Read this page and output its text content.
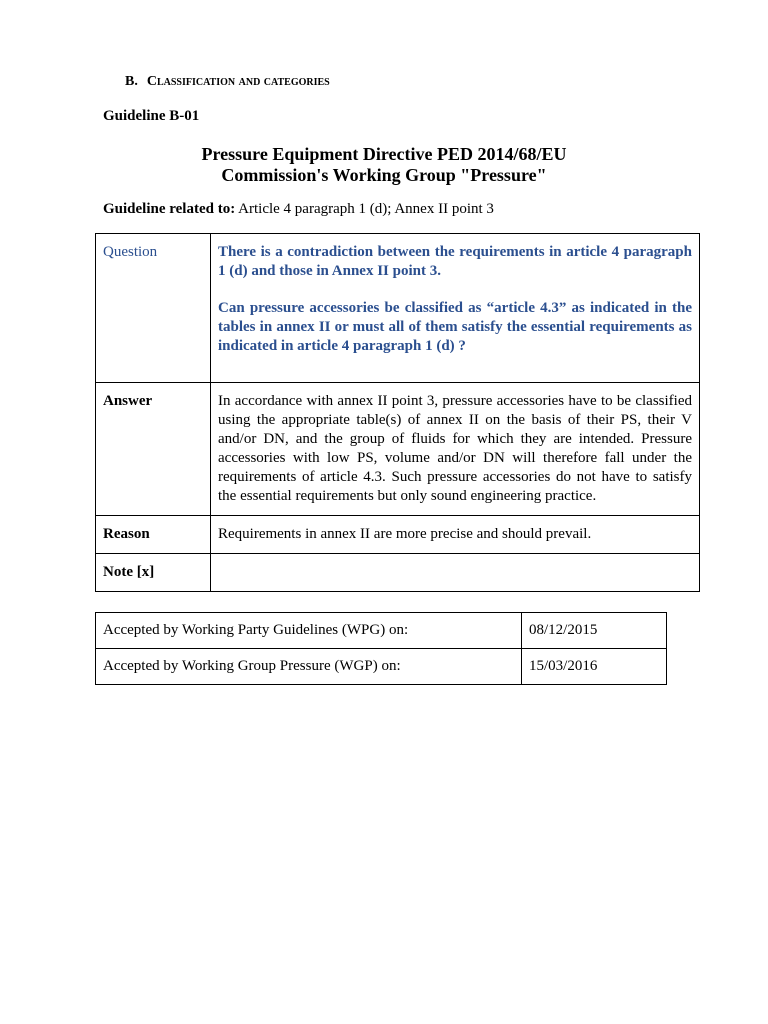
B. Classification and categories
Guideline B-01
Pressure Equipment Directive PED 2014/68/EU
Commission's Working Group "Pressure"
Guideline related to: Article 4 paragraph 1 (d); Annex II point 3
Question	There is a contradiction between the requirements in article 4 paragraph 1 (d) and those in Annex II point 3.

Can pressure accessories be classified as “article 4.3” as indicated in the tables in annex II or must all of them satisfy the essential requirements as indicated in article 4 paragraph 1 (d) ?

Answer	In accordance with annex II point 3, pressure accessories have to be classified using the appropriate table(s) of annex II on the basis of their PS, their V and/or DN, and the group of fluids for which they are intended. Pressure accessories with low PS, volume and/or DN will therefore fall under the requirements of article 4.3. Such pressure accessories do not have to satisfy the essential requirements but only sound engineering practice.
Reason	Requirements in annex II are more precise and should prevail.
Note [x]	
Accepted by Working Party Guidelines (WPG) on:	08/12/2015
Accepted by Working Group Pressure (WGP) on:	15/03/2016
